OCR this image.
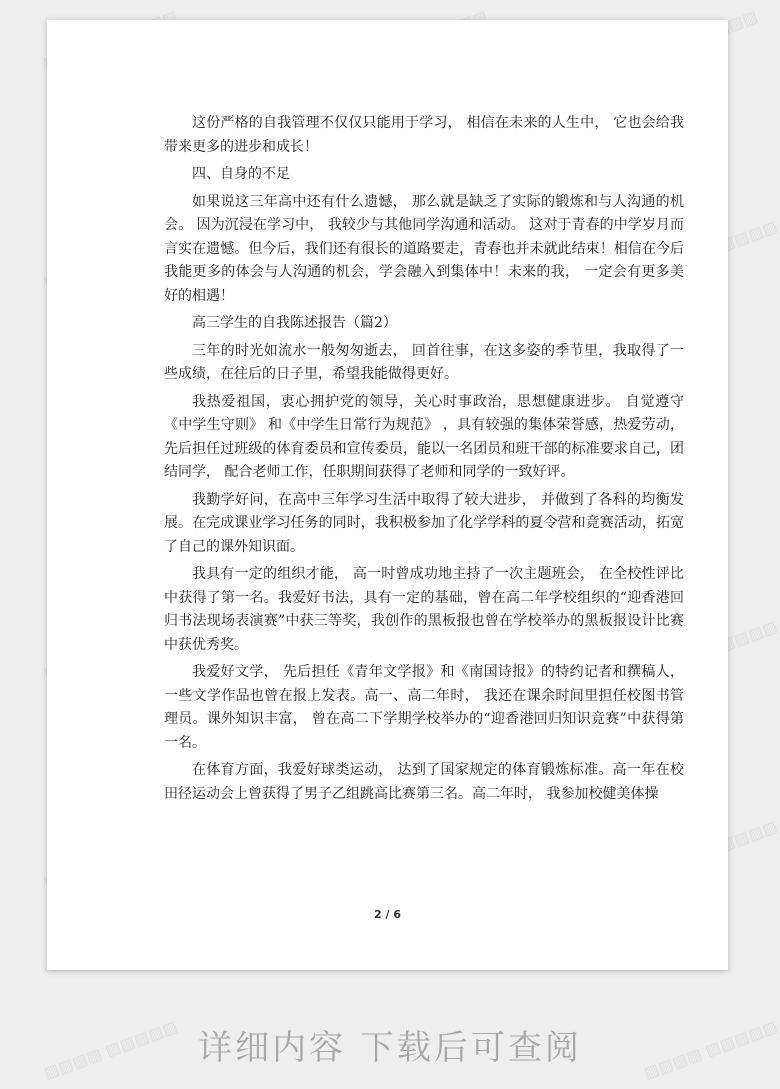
▨▨▨▨▨
▨▨▨▨▨
▨▨▨▨▨
▨▨▨▨ ▨▨▨▨▨	▨▨▨▨ ▨▨▨▨▨

这份严格的自我管理不仅仅只能用于学习， 相信在未来的人生中， 它也会给我带来更多的进步和成长！

四、自身的不足

如果说这三年高中还有什么遗憾， 那么就是缺乏了实际的锻炼和与人沟通的机会。 因为沉浸在学习中， 我较少与其他同学沟通和活动。 这对于青春的中学岁月而言实在遗憾。但今后，我们还有很长的道路要走，青春也并未就此结束！相信在今后我能更多的体会与人沟通的机会，学会融入到集体中！未来的我， 一定会有更多美好的相遇！

高三学生的自我陈述报告（篇2）

三年的时光如流水一般匆匆逝去， 回首往事，在这多姿的季节里，我取得了一些成绩，在往后的日子里，希望我能做得更好。

我热爱祖国，衷心拥护党的领导，关心时事政治，思想健康进步。 自觉遵守《中学生守则》 和《中学生日常行为规范》 ，具有较强的集体荣誉感，热爱劳动， 先后担任过班级的体育委员和宣传委员，能以一名团员和班干部的标准要求自己，团结同学， 配合老师工作，任职期间获得了老师和同学的一致好评。

我勤学好问，在高中三年学习生活中取得了较大进步， 并做到了各科的均衡发展。在完成课业学习任务的同时，我积极参加了化学学科的夏令营和竞赛活动，拓宽了自己的课外知识面。

我具有一定的组织才能， 高一时曾成功地主持了一次主题班会， 在全校性评比中获得了第一名。我爱好书法，具有一定的基础，曾在高二年学校组织的“迎香港回归书法现场表演赛”中获三等奖，我创作的黑板报也曾在学校举办的黑板报设计比赛中获优秀奖。

我爱好文学， 先后担任《青年文学报》和《南国诗报》的特约记者和撰稿人，一些文学作品也曾在报上发表。高一、高二年时， 我还在课余时间里担任校图书管理员。课外知识丰富， 曾在高二下学期学校举办的“迎香港回归知识竞赛”中获得第一名。

在体育方面，我爱好球类运动， 达到了国家规定的体育锻炼标准。高一年在校田径运动会上曾获得了男子乙组跳高比赛第三名。高二年时， 我参加校健美体操

2 / 6
详细内容 下载后可查阅
